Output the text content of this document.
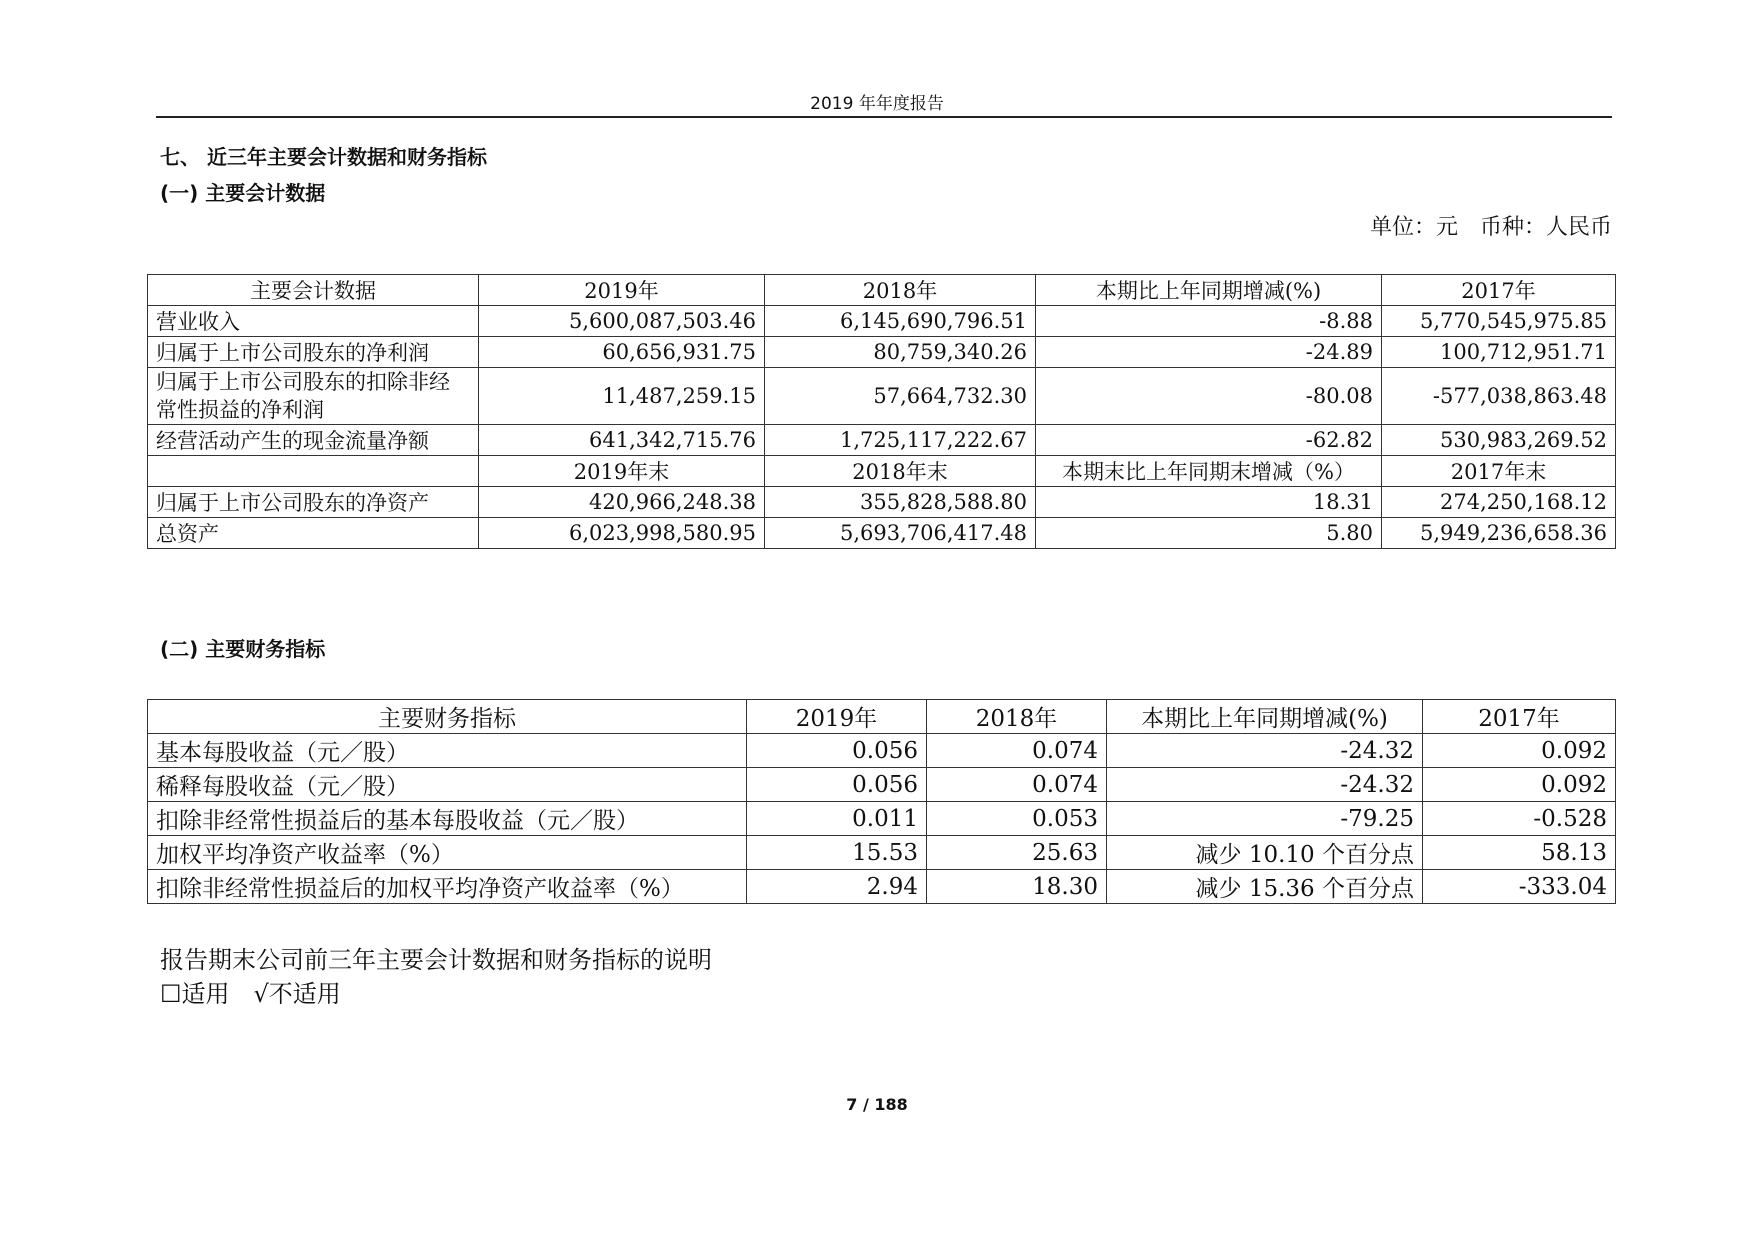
2019 年年度报告
七、 近三年主要会计数据和财务指标
(一) 主要会计数据
单位：元　币种：人民币
主要会计数据	2019年	2018年	本期比上年同期增减(%)	2017年
营业收入	5,600,087,503.46	6,145,690,796.51	-8.88	5,770,545,975.85
归属于上市公司股东的净利润	60,656,931.75	80,759,340.26	-24.89	100,712,951.71
归属于上市公司股东的扣除非经常性损益的净利润	11,487,259.15	57,664,732.30	-80.08	-577,038,863.48
经营活动产生的现金流量净额	641,342,715.76	1,725,117,222.67	-62.82	530,983,269.52
	2019年末	2018年末	本期末比上年同期末增减（%）	2017年末
归属于上市公司股东的净资产	420,966,248.38	355,828,588.80	18.31	274,250,168.12
总资产	6,023,998,580.95	5,693,706,417.48	5.80	5,949,236,658.36
(二) 主要财务指标
主要财务指标	2019年	2018年	本期比上年同期增减(%)	2017年
基本每股收益（元／股）	0.056	0.074	-24.32	0.092
稀释每股收益（元／股）	0.056	0.074	-24.32	0.092
扣除非经常性损益后的基本每股收益（元／股）	0.011	0.053	-79.25	-0.528
加权平均净资产收益率（%）	15.53	25.63	减少 10.10 个百分点	58.13
扣除非经常性损益后的加权平均净资产收益率（%）	2.94	18.30	减少 15.36 个百分点	-333.04
报告期末公司前三年主要会计数据和财务指标的说明
☐适用　√不适用
7 / 188
